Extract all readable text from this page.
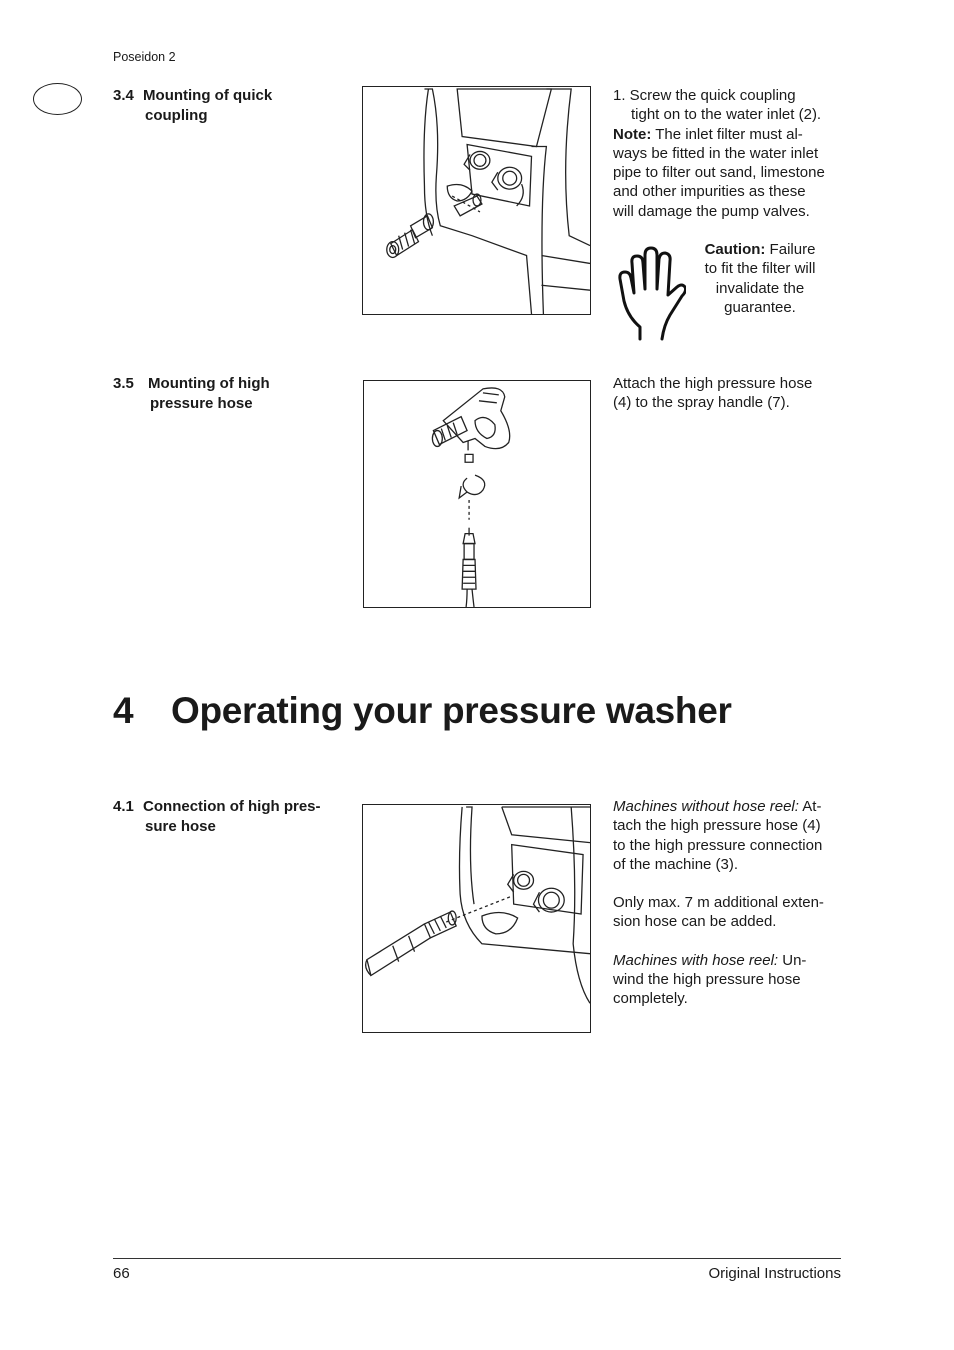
Poseidon 2
3.4 Mounting of quick
coupling
1. Screw the quick coupling
tight on to the water inlet (2).
Note: The inlet filter must al-
ways be fitted in the water inlet
pipe to filter out sand, limestone
and other impurities as these
will damage the pump valves.
Caution: Failure
to fit the filter will
invalidate the
guarantee.
3.5 Mounting of high
pressure hose
Attach the high pressure hose
(4) to the spray handle (7).
4 Operating your pressure washer
4.1 Connection of high pres-
sure hose
Machines without hose reel: At-
tach the high pressure hose (4)
to the high pressure connection
of the machine (3).
Only max. 7 m additional exten-
sion hose can be added.
Machines with hose reel: Un-
wind the high pressure hose
completely.
66	Original Instructions
